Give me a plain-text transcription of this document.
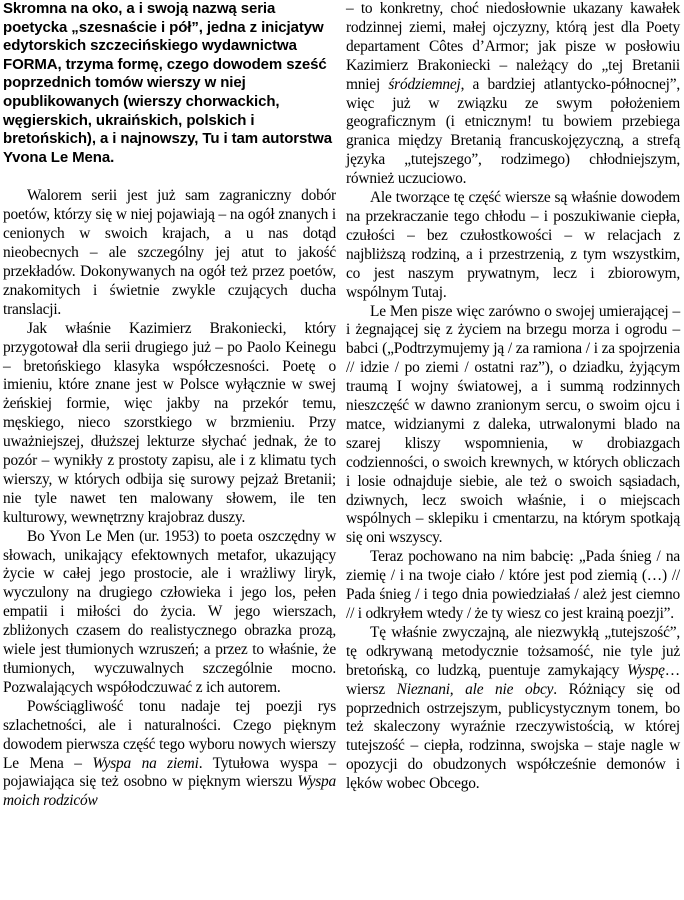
Skromna na oko, a i swoją nazwą seria poetycka „szesnaście i pół”, jedna z inicjatyw edytorskich szczecińskiego wydawnictwa FORMA, trzyma formę, czego dowodem sześć poprzednich tomów wierszy w niej opublikowanych (wierszy chorwackich, węgierskich, ukraińskich, polskich i bretońskich), a i najnowszy, Tu i tam autorstwa Yvona Le Mena.

Walorem serii jest już sam zagraniczny dobór poetów, którzy się w niej pojawiają – na ogół znanych i cenionych w swoich krajach, a u nas dotąd nieobecnych – ale szczególny jej atut to jakość przekładów. Dokonywanych na ogół też przez poetów, znakomitych i świetnie zwykle czujących ducha translacji.

Jak właśnie Kazimierz Brakoniecki, który przygotował dla serii drugiego już – po Paolo Keinegu – bretońskiego klasyka współczesności. Poetę o imieniu, które znane jest w Polsce wyłącznie w swej żeńskiej formie, więc jakby na przekór temu, męskiego, nieco szorstkiego w brzmieniu. Przy uważniejszej, dłuższej lekturze słychać jednak, że to pozór – wynikły z prostoty zapisu, ale i z klimatu tych wierszy, w których odbija się surowy pejzaż Bretanii; nie tyle nawet ten malowany słowem, ile ten kulturowy, wewnętrzny krajobraz duszy.

Bo Yvon Le Men (ur. 1953) to poeta oszczędny w słowach, unikający efektownych metafor, ukazujący życie w całej jego prostocie, ale i wrażliwy liryk, wyczulony na drugiego człowieka i jego los, pełen empatii i miłości do życia. W jego wierszach, zbliżonych czasem do realistycznego obrazka prozą, wiele jest tłumionych wzruszeń; a przez to właśnie, że tłumionych, wyczuwalnych szczególnie mocno. Pozwalających współodczuwać z ich autorem.

Powściągliwość tonu nadaje tej poezji rys szlachetności, ale i naturalności. Czego pięknym dowodem pierwsza część tego wyboru nowych wierszy Le Mena – Wyspa na ziemi. Tytułowa wyspa – pojawiająca się też osobno w pięknym wierszu Wyspa moich rodziców

– to konkretny, choć niedosłownie ukazany kawałek rodzinnej ziemi, małej ojczyzny, którą jest dla Poety departament Côtes d’Armor; jak pisze w posłowiu Kazimierz Brakoniecki – należący do „tej Bretanii mniej śródziemnej, a bardziej atlantycko-północnej”, więc już w związku ze swym położeniem geograficznym (i etnicznym! tu bowiem przebiega granica między Bretanią francuskojęzyczną, a strefą języka „tutejszego”, rodzimego) chłodniejszym, również uczuciowo.

Ale tworzące tę część wiersze są właśnie dowodem na przekraczanie tego chłodu – i poszukiwanie ciepła, czułości – bez czułostkowości – w relacjach z najbliższą rodziną, a i przestrzenią, z tym wszystkim, co jest naszym prywatnym, lecz i zbiorowym, wspólnym Tutaj.

Le Men pisze więc zarówno o swojej umierającej – i żegnającej się z życiem na brzegu morza i ogrodu – babci („Podtrzymujemy ją / za ramiona / i za spojrzenia // idzie / po ziemi / ostatni raz”), o dziadku, żyjącym traumą I wojny światowej, a i summą rodzinnych nieszczęść w dawno zranionym sercu, o swoim ojcu i matce, widzianymi z daleka, utrwalonymi blado na szarej kliszy wspomnienia, w drobiazgach codzienności, o swoich krewnych, w których obliczach i losie odnajduje siebie, ale też o swoich sąsiadach, dziwnych, lecz swoich właśnie, i o miejscach wspólnych – sklepiku i cmentarzu, na którym spotkają się oni wszyscy.

Teraz pochowano na nim babcię: „Pada śnieg / na ziemię / i na twoje ciało / które jest pod ziemią (…) // Pada śnieg / i tego dnia powiedziałaś / ależ jest ciemno // i odkryłem wtedy / że ty wiesz co jest krainą poezji”.

Tę właśnie zwyczajną, ale niezwykłą „tutejszość”, tę odkrywaną metodycznie tożsamość, nie tyle już bretońską, co ludzką, puentuje zamykający Wyspę… wiersz Nieznani, ale nie obcy. Różniący się od poprzednich ostrzejszym, publicystycznym tonem, bo też skaleczony wyraźnie rzeczywistością, w której tutejszość – ciepła, rodzinna, swojska – staje nagle w opozycji do obudzonych współcześnie demonów i lęków wobec Obcego.
